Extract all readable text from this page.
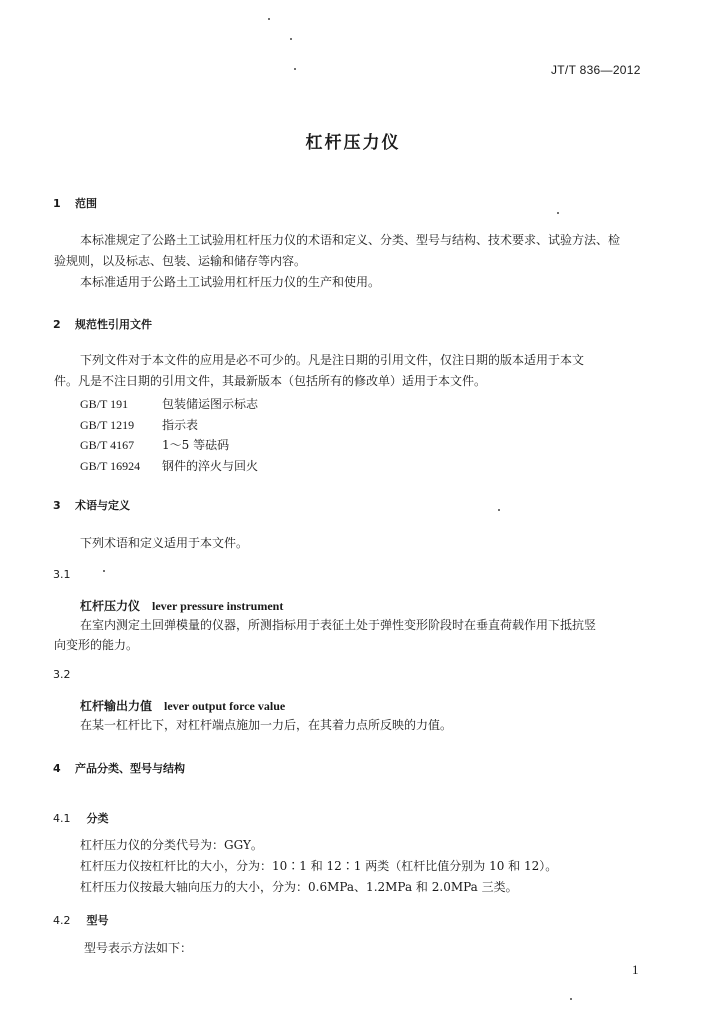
JT/T 836—2012
杠杆压力仪
1 范围
本标准规定了公路土工试验用杠杆压力仪的术语和定义、分类、型号与结构、技术要求、试验方法、检
验规则，以及标志、包装、运输和储存等内容。
本标准适用于公路土工试验用杠杆压力仪的生产和使用。
2 规范性引用文件
下列文件对于本文件的应用是必不可少的。凡是注日期的引用文件，仅注日期的版本适用于本文
件。凡是不注日期的引用文件，其最新版本（包括所有的修改单）适用于本文件。
GB/T 191	包装储运图示标志
GB/T 1219 指示表
GB/T 4167 1～5 等砝码
GB/T 16924 钢件的淬火与回火
3 术语与定义
下列术语和定义适用于本文件。
3.1
杠杆压力仪 lever pressure instrument
在室内测定土回弹模量的仪器，所测指标用于表征土处于弹性变形阶段时在垂直荷载作用下抵抗竖
向变形的能力。
3.2
杠杆输出力值 lever output force value
在某一杠杆比下，对杠杆端点施加一力后，在其着力点所反映的力值。
4 产品分类、型号与结构
4.1 分类
杠杆压力仪的分类代号为：GGY。
杠杆压力仪按杠杆比的大小，分为：10∶1 和 12∶1 两类（杠杆比值分别为 10 和 12）。
杠杆压力仪按最大轴向压力的大小，分为：0.6MPa、1.2MPa 和 2.0MPa 三类。
4.2 型号
型号表示方法如下：
1
